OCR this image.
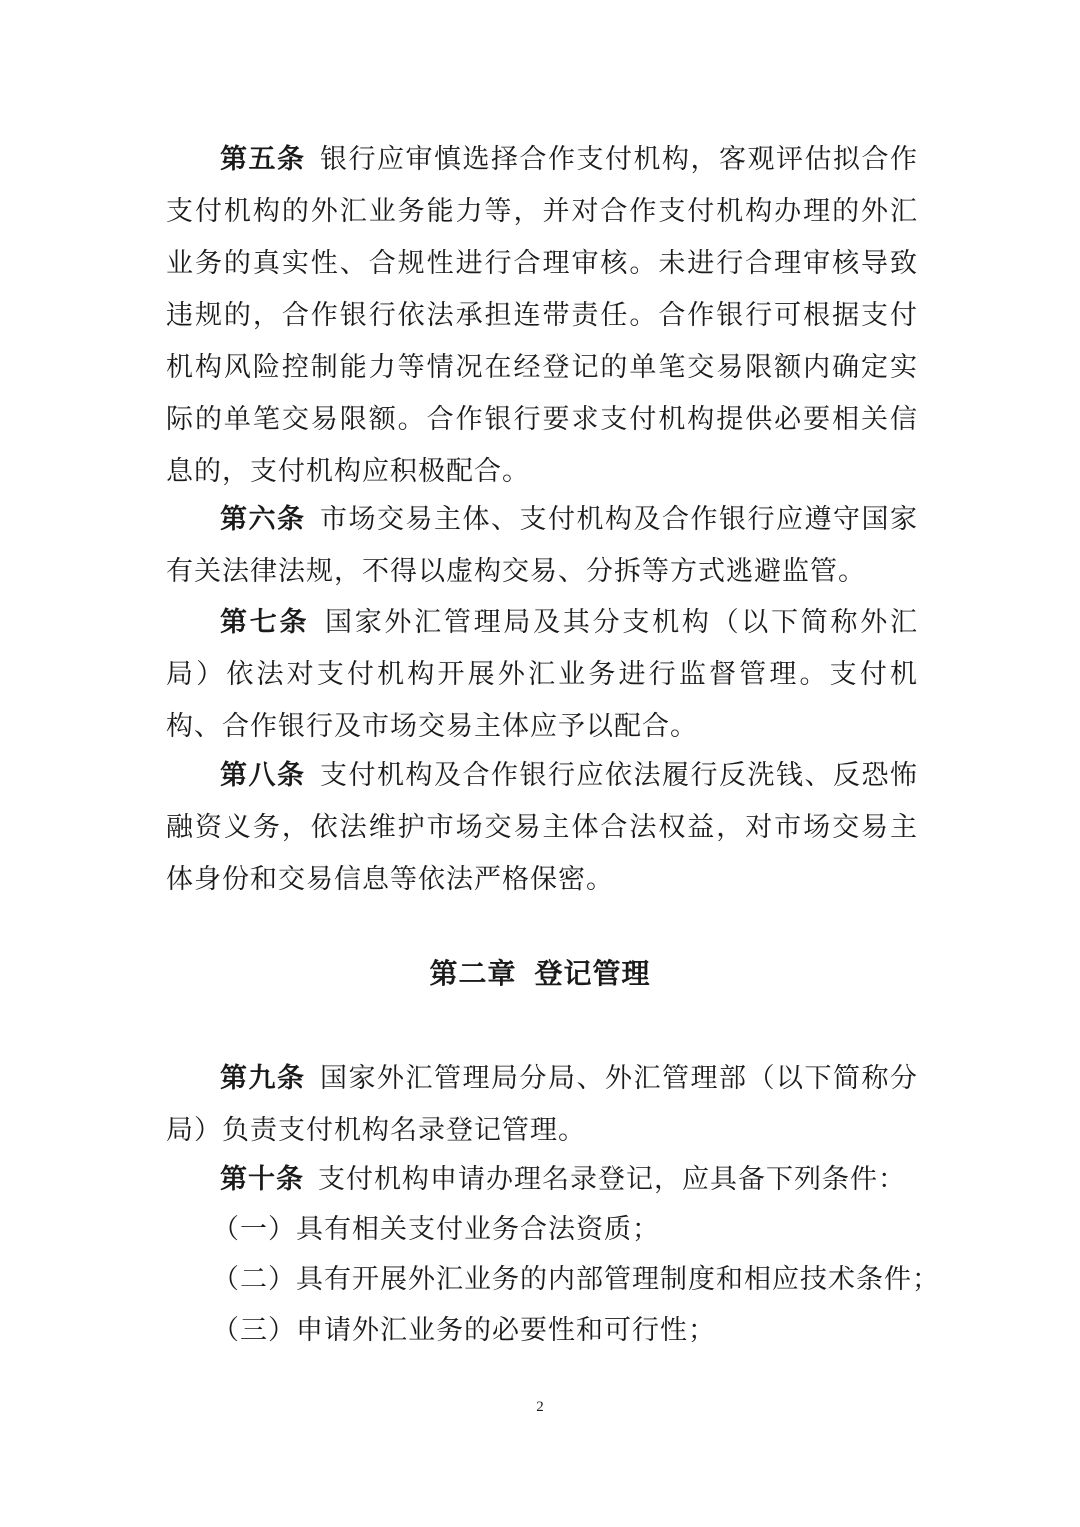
第五条 银行应审慎选择合作支付机构，客观评估拟合作支付机构的外汇业务能力等，并对合作支付机构办理的外汇业务的真实性、合规性进行合理审核。未进行合理审核导致违规的，合作银行依法承担连带责任。合作银行可根据支付机构风险控制能力等情况在经登记的单笔交易限额内确定实际的单笔交易限额。合作银行要求支付机构提供必要相关信息的，支付机构应积极配合。

第六条 市场交易主体、支付机构及合作银行应遵守国家有关法律法规，不得以虚构交易、分拆等方式逃避监管。

第七条 国家外汇管理局及其分支机构（以下简称外汇局）依法对支付机构开展外汇业务进行监督管理。支付机构、合作银行及市场交易主体应予以配合。

第八条 支付机构及合作银行应依法履行反洗钱、反恐怖融资义务，依法维护市场交易主体合法权益，对市场交易主体身份和交易信息等依法严格保密。

第二章 登记管理

第九条 国家外汇管理局分局、外汇管理部（以下简称分局）负责支付机构名录登记管理。

第十条 支付机构申请办理名录登记，应具备下列条件：

（一）具有相关支付业务合法资质；

（二）具有开展外汇业务的内部管理制度和相应技术条件；

（三）申请外汇业务的必要性和可行性；

2
